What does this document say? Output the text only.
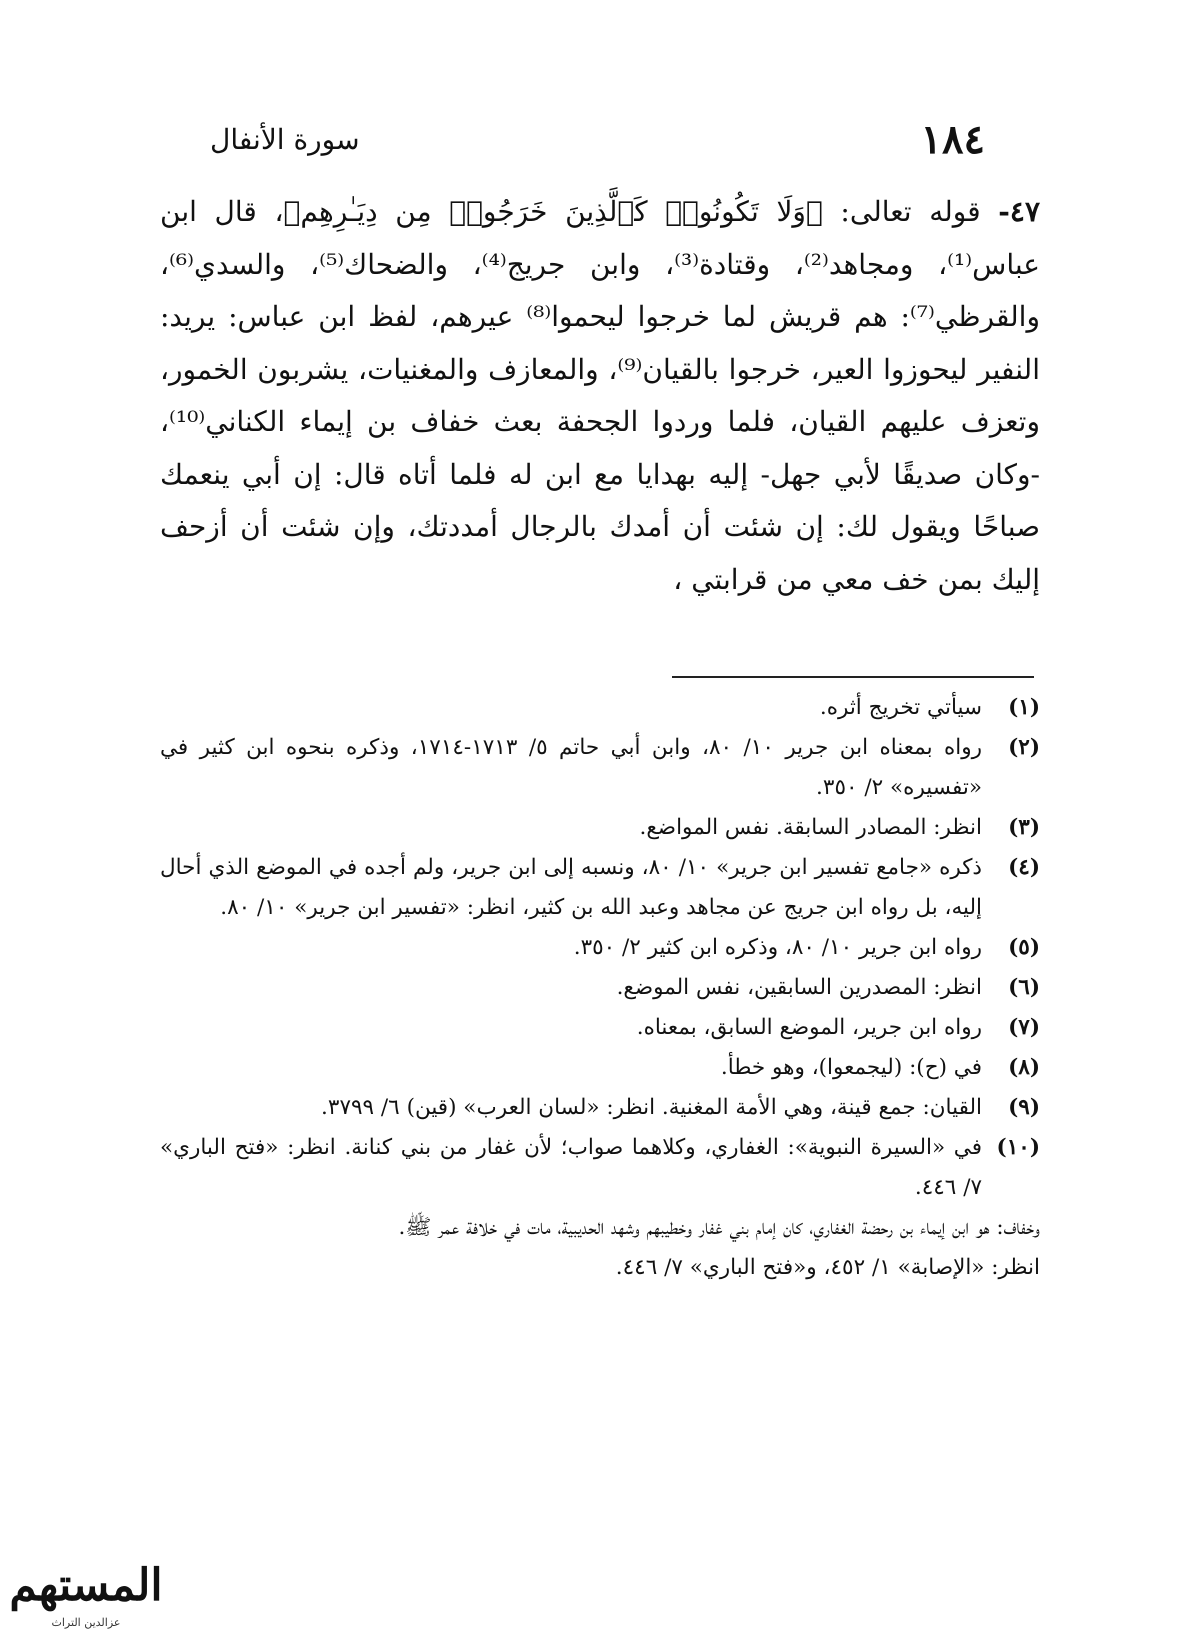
١٨٤
سورة الأنفال

٤٧- قوله تعالى: ﴿وَلَا تَكُونُوا۟ كَٱلَّذِينَ خَرَجُوا۟ مِن دِيَـٰرِهِم﴾، قال ابن عباس⁽¹⁾، ومجاهد⁽²⁾، وقتادة⁽³⁾، وابن جريج⁽⁴⁾، والضحاك⁽⁵⁾، والسدي⁽⁶⁾، والقرظي⁽⁷⁾: هم قريش لما خرجوا ليحموا⁽⁸⁾ عيرهم، لفظ ابن عباس: يريد: النفير ليحوزوا العير، خرجوا بالقيان⁽⁹⁾، والمعازف والمغنيات، يشربون الخمور، وتعزف عليهم القيان، فلما وردوا الجحفة بعث خفاف بن إيماء الكناني⁽¹⁰⁾، -وكان صديقًا لأبي جهل- إليه بهدايا مع ابن له فلما أتاه قال: إن أبي ينعمك صباحًا ويقول لك: إن شئت أن أمدك بالرجال أمددتك، وإن شئت أن أزحف إليك بمن خف معي من قرابتي ،

(١)
سيأتي تخريج أثره.
(٢)
رواه بمعناه ابن جرير ١٠/ ٨٠، وابن أبي حاتم ٥/ ١٧١٣-١٧١٤، وذكره بنحوه ابن كثير في «تفسيره» ٢/ ٣٥٠.
(٣)
انظر: المصادر السابقة. نفس المواضع.
(٤)
ذكره «جامع تفسير ابن جرير» ١٠/ ٨٠، ونسبه إلى ابن جرير، ولم أجده في الموضع الذي أحال إليه، بل رواه ابن جريج عن مجاهد وعبد الله بن كثير، انظر: «تفسير ابن جرير» ١٠/ ٨٠.
(٥)
رواه ابن جرير ١٠/ ٨٠، وذكره ابن كثير ٢/ ٣٥٠.
(٦)
انظر: المصدرين السابقين، نفس الموضع.
(٧)
رواه ابن جرير، الموضع السابق، بمعناه.
(٨)
في (ح): (ليجمعوا)، وهو خطأ.
(٩)
القيان: جمع قينة، وهي الأمة المغنية. انظر: «لسان العرب» (قين) ٦/ ٣٧٩٩.
(١٠)
في «السيرة النبوية»: الغفاري، وكلاهما صواب؛ لأن غفار من بني كنانة. انظر: «فتح الباري» ٧/ ٤٤٦.

وخفاف: هو ابن إيماء بن رحضة الغفاري، كان إمام بني غفار وخطيبهم وشهد الحديبية، مات في خلافة عمر ﷺ.

انظر: «الإصابة» ١/ ٤٥٢، و«فتح الباري» ٧/ ٤٤٦.

المستهم
عزالدین التراث
